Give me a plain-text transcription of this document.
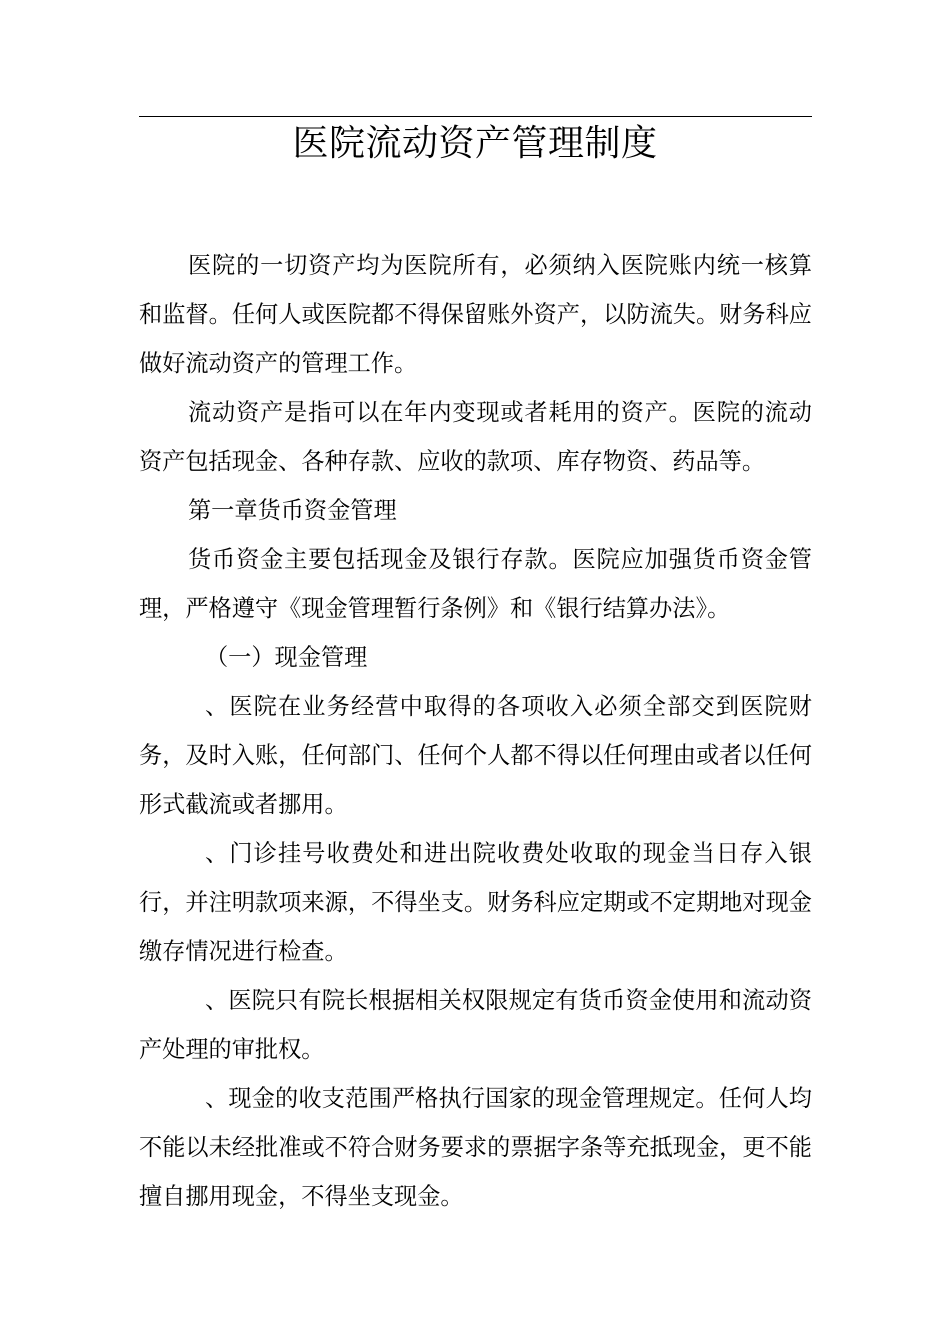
医院流动资产管理制度

医院的一切资产均为医院所有，必须纳入医院账内统一核算和监督。任何人或医院都不得保留账外资产，以防流失。财务科应做好流动资产的管理工作。

流动资产是指可以在年内变现或者耗用的资产。医院的流动资产包括现金、各种存款、应收的款项、库存物资、药品等。

第一章货币资金管理

货币资金主要包括现金及银行存款。医院应加强货币资金管理，严格遵守《现金管理暂行条例》和《银行结算办法》。

（一）现金管理

、医院在业务经营中取得的各项收入必须全部交到医院财务，及时入账，任何部门、任何个人都不得以任何理由或者以任何形式截流或者挪用。

、门诊挂号收费处和进出院收费处收取的现金当日存入银行，并注明款项来源，不得坐支。财务科应定期或不定期地对现金缴存情况进行检查。

、医院只有院长根据相关权限规定有货币资金使用和流动资产处理的审批权。

、现金的收支范围严格执行国家的现金管理规定。任何人均不能以未经批准或不符合财务要求的票据字条等充抵现金，更不能擅自挪用现金，不得坐支现金。
